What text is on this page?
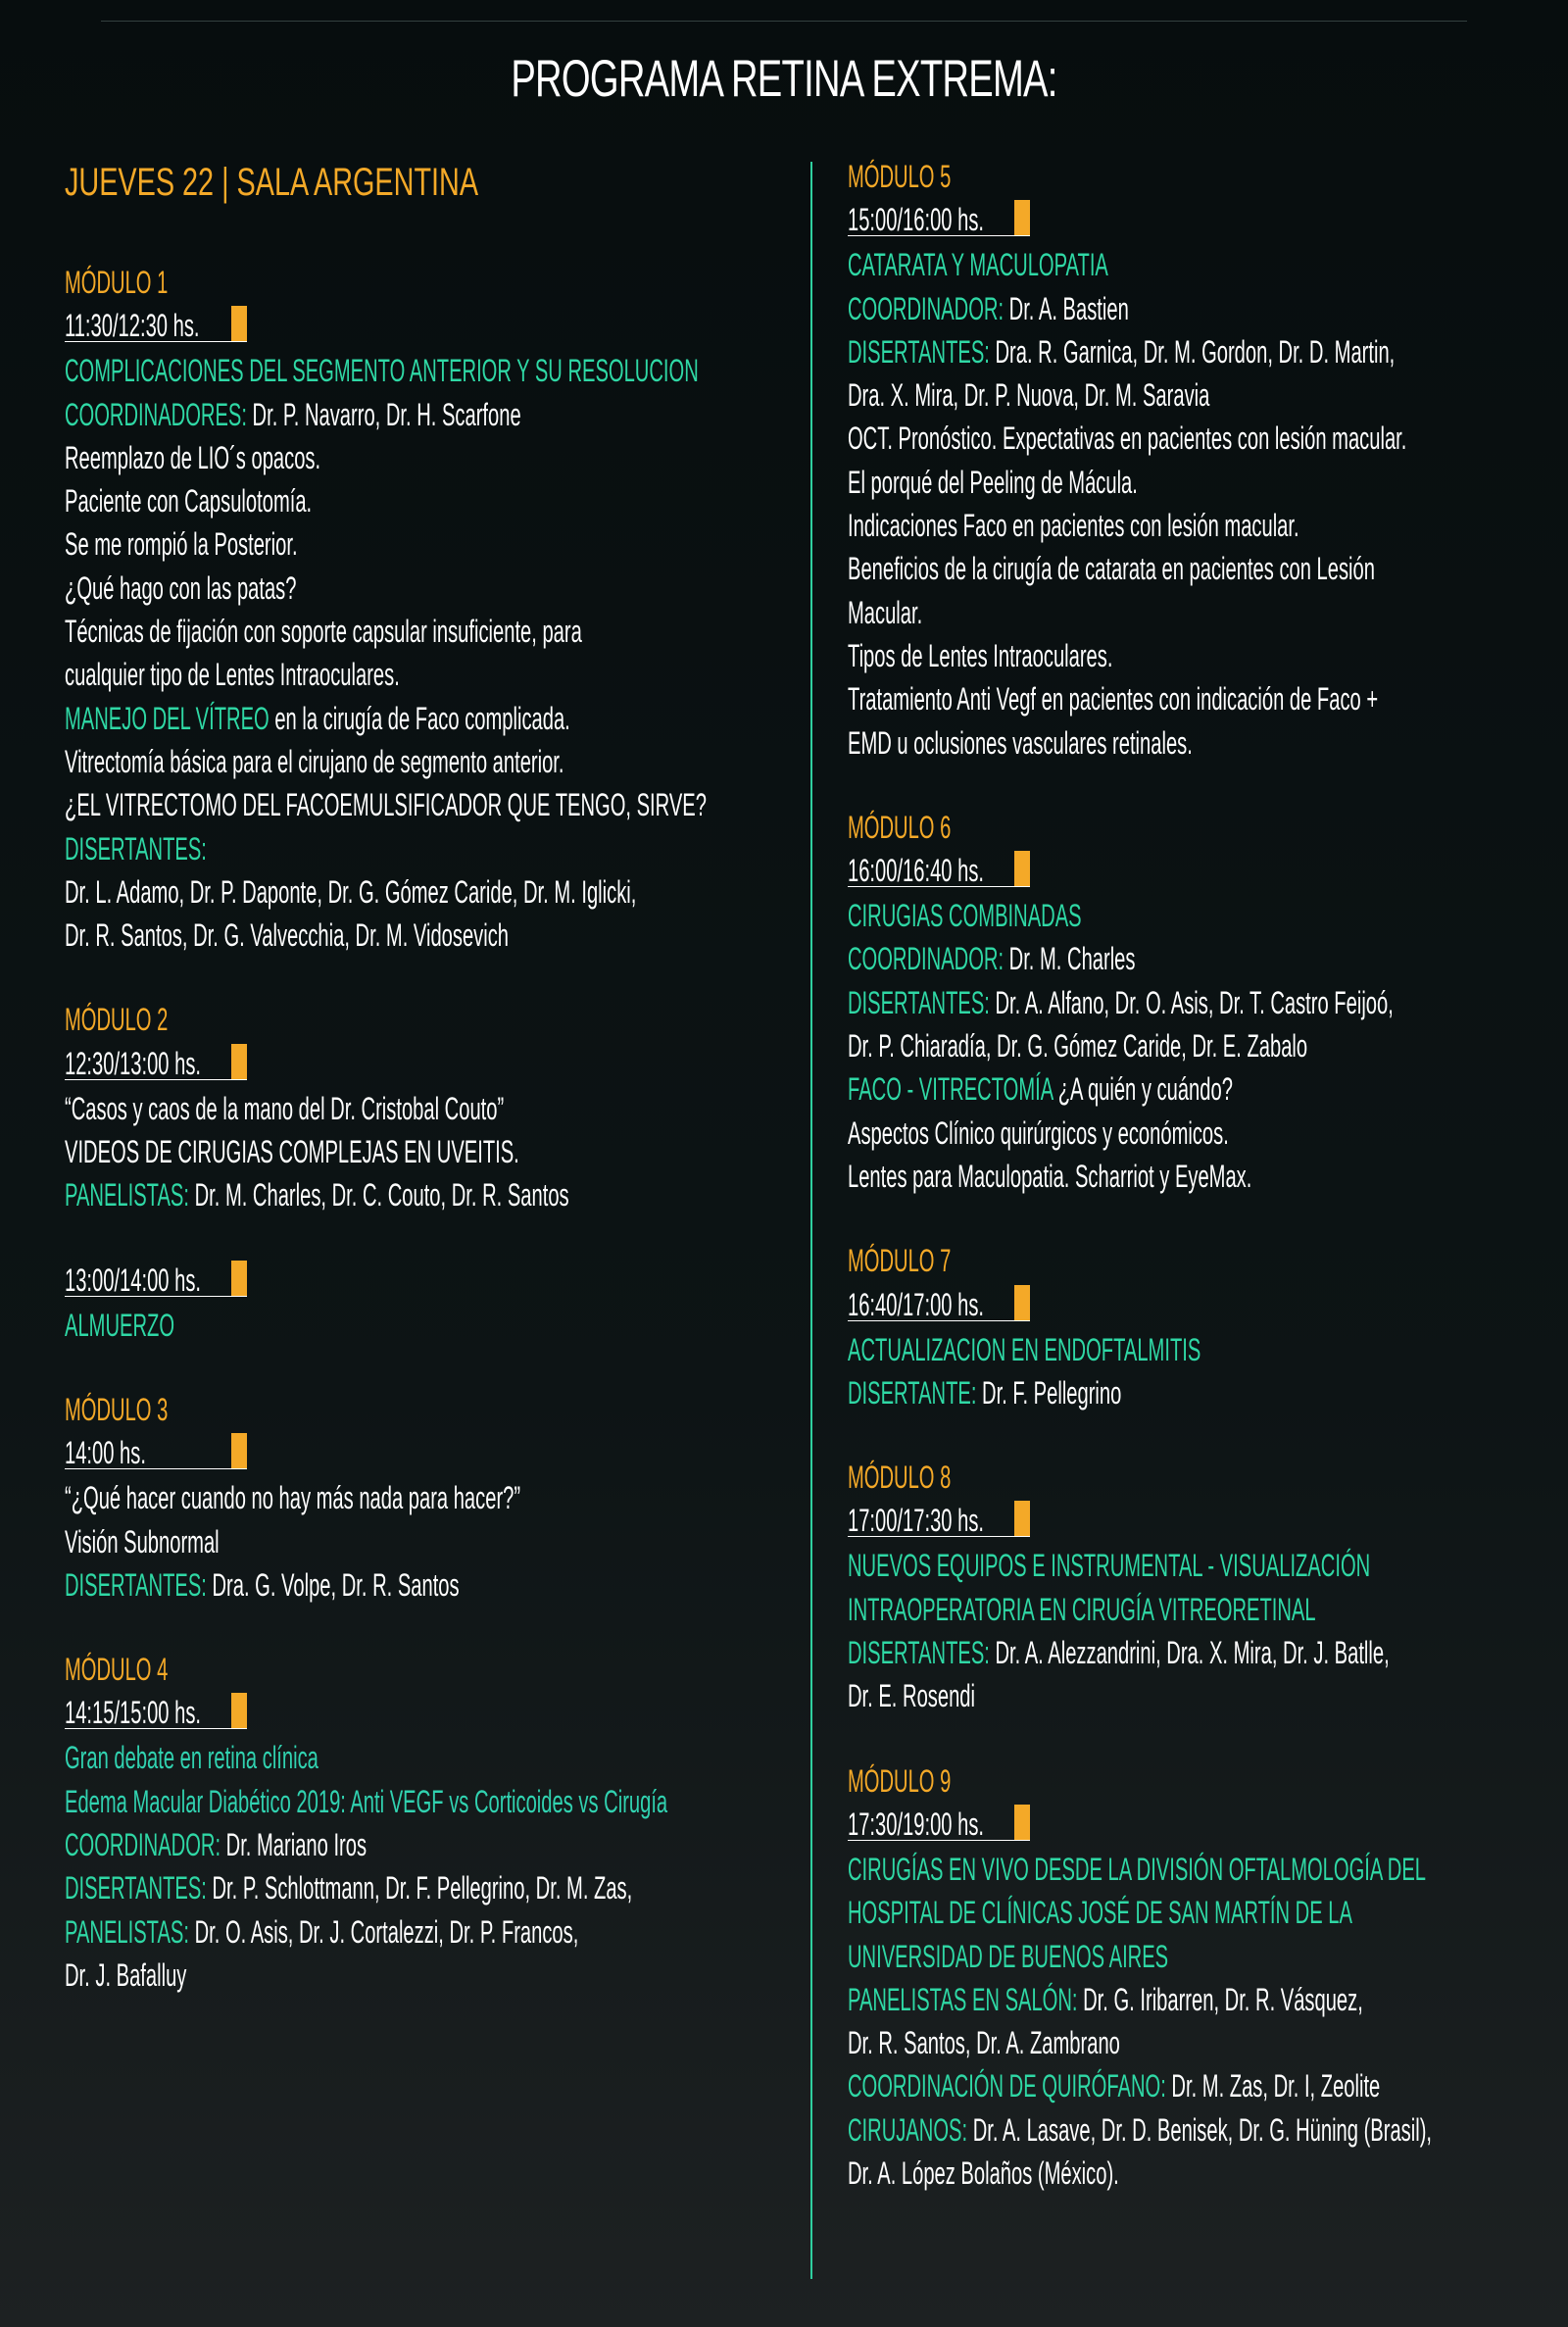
PROGRAMA RETINA EXTREMA:
JUEVES 22 | SALA ARGENTINA
MÓDULO 1
11:30/12:30 hs.
COMPLICACIONES DEL SEGMENTO ANTERIOR Y SU RESOLUCION
COORDINADORES: Dr. P. Navarro, Dr. H. Scarfone
Reemplazo de LIO´s opacos.
Paciente con Capsulotomía.
Se me rompió la Posterior.
¿Qué hago con las patas?
Técnicas de fijación con soporte capsular insuficiente, para
cualquier tipo de Lentes Intraoculares.
MANEJO DEL VÍTREO en la cirugía de Faco complicada.
Vitrectomía básica para el cirujano de segmento anterior.
¿EL VITRECTOMO DEL FACOEMULSIFICADOR QUE TENGO, SIRVE?
DISERTANTES:
Dr. L. Adamo, Dr. P. Daponte, Dr. G. Gómez Caride, Dr. M. Iglicki,
Dr. R. Santos, Dr. G. Valvecchia, Dr. M. Vidosevich
MÓDULO 2
12:30/13:00 hs.
“Casos y caos de la mano del Dr. Cristobal Couto”
VIDEOS DE CIRUGIAS COMPLEJAS EN UVEITIS.
PANELISTAS: Dr. M. Charles, Dr. C. Couto, Dr. R. Santos
13:00/14:00 hs.
ALMUERZO
MÓDULO 3
14:00 hs.
“¿Qué hacer cuando no hay más nada para hacer?”
Visión Subnormal
DISERTANTES: Dra. G. Volpe, Dr. R. Santos
MÓDULO 4
14:15/15:00 hs.
Gran debate en retina clínica
Edema Macular Diabético 2019: Anti VEGF vs Corticoides vs Cirugía
COORDINADOR: Dr. Mariano Iros
DISERTANTES: Dr. P. Schlottmann, Dr. F. Pellegrino, Dr. M. Zas,
PANELISTAS: Dr. O. Asis, Dr. J. Cortalezzi, Dr. P. Francos,
Dr. J. Bafalluy
MÓDULO 5
15:00/16:00 hs.
CATARATA Y MACULOPATIA
COORDINADOR: Dr. A. Bastien
DISERTANTES: Dra. R. Garnica, Dr. M. Gordon, Dr. D. Martin,
Dra. X. Mira, Dr. P. Nuova, Dr. M. Saravia
OCT. Pronóstico. Expectativas en pacientes con lesión macular.
El porqué del Peeling de Mácula.
Indicaciones Faco en pacientes con lesión macular.
Beneficios de la cirugía de catarata en pacientes con Lesión
Macular.
Tipos de Lentes Intraoculares.
Tratamiento Anti Vegf en pacientes con indicación de Faco +
EMD u oclusiones vasculares retinales.
MÓDULO 6
16:00/16:40 hs.
CIRUGIAS COMBINADAS
COORDINADOR: Dr. M. Charles
DISERTANTES: Dr. A. Alfano, Dr. O. Asis, Dr. T. Castro Feijoó,
Dr. P. Chiaradía, Dr. G. Gómez Caride, Dr. E. Zabalo
FACO - VITRECTOMÍA ¿A quién y cuándo?
Aspectos Clínico quirúrgicos y económicos.
Lentes para Maculopatia. Scharriot y EyeMax.
MÓDULO 7
16:40/17:00 hs.
ACTUALIZACION EN ENDOFTALMITIS
DISERTANTE: Dr. F. Pellegrino
MÓDULO 8
17:00/17:30 hs.
NUEVOS EQUIPOS E INSTRUMENTAL - VISUALIZACIÓN
INTRAOPERATORIA EN CIRUGÍA VITREORETINAL
DISERTANTES: Dr. A. Alezzandrini, Dra. X. Mira, Dr. J. Batlle,
Dr. E. Rosendi
MÓDULO 9
17:30/19:00 hs.
CIRUGÍAS EN VIVO DESDE LA DIVISIÓN OFTALMOLOGÍA DEL
HOSPITAL DE CLÍNICAS JOSÉ DE SAN MARTÍN DE LA
UNIVERSIDAD DE BUENOS AIRES
PANELISTAS EN SALÓN: Dr. G. Iribarren, Dr. R. Vásquez,
Dr. R. Santos, Dr. A. Zambrano
COORDINACIÓN DE QUIRÓFANO: Dr. M. Zas, Dr. I, Zeolite
CIRUJANOS: Dr. A. Lasave, Dr. D. Benisek, Dr. G. Hüning (Brasil),
Dr. A. López Bolaños (México).
